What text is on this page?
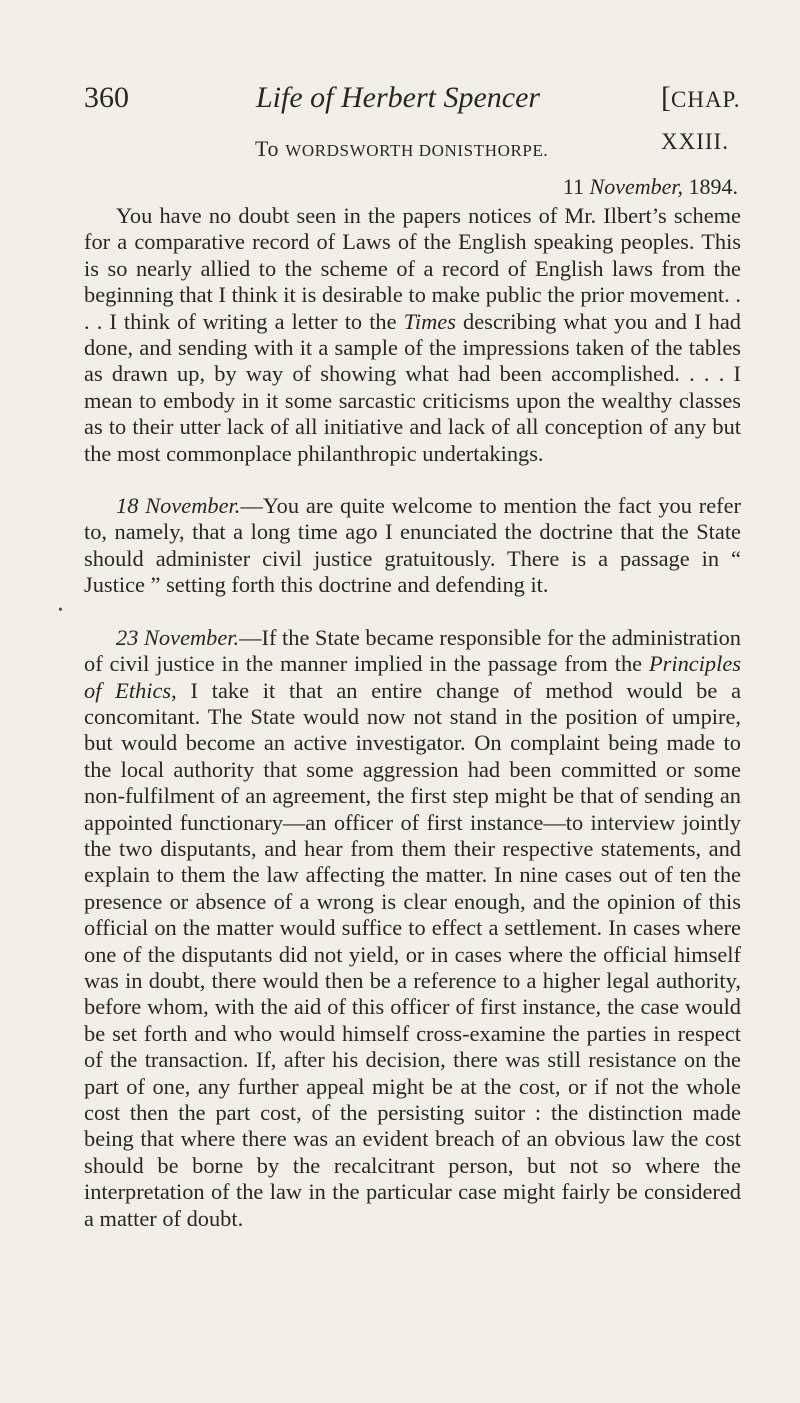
360	Life of Herbert Spencer	[CHAP. XXIII.
To WORDSWORTH DONISTHORPE.
11 November, 1894.

You have no doubt seen in the papers notices of Mr. Ilbert’s scheme for a comparative record of Laws of the English speaking peoples. This is so nearly allied to the scheme of a record of English laws from the beginning that I think it is desirable to make public the prior movement. . . . I think of writing a letter to the Times describing what you and I had done, and sending with it a sample of the impressions taken of the tables as drawn up, by way of showing what had been accomplished. . . . I mean to embody in it some sarcastic criticisms upon the wealthy classes as to their utter lack of all initiative and lack of all conception of any but the most commonplace philanthropic undertakings.

18 November.—You are quite welcome to mention the fact you refer to, namely, that a long time ago I enunciated the doctrine that the State should administer civil justice gratuitously. There is a passage in “ Justice ” setting forth this doctrine and defending it.

23 November.—If the State became responsible for the administration of civil justice in the manner implied in the passage from the Principles of Ethics, I take it that an entire change of method would be a concomitant. The State would now not stand in the position of umpire, but would become an active investigator. On complaint being made to the local authority that some aggression had been committed or some non-fulfilment of an agreement, the first step might be that of sending an appointed functionary—an officer of first instance—to interview jointly the two disputants, and hear from them their respective statements, and explain to them the law affecting the matter. In nine cases out of ten the presence or absence of a wrong is clear enough, and the opinion of this official on the matter would suffice to effect a settlement. In cases where one of the disputants did not yield, or in cases where the official himself was in doubt, there would then be a reference to a higher legal authority, before whom, with the aid of this officer of first instance, the case would be set forth and who would himself cross-examine the parties in respect of the transaction. If, after his decision, there was still resistance on the part of one, any further appeal might be at the cost, or if not the whole cost then the part cost, of the persisting suitor : the distinction made being that where there was an evident breach of an obvious law the cost should be borne by the recalcitrant person, but not so where the interpretation of the law in the particular case might fairly be considered a matter of doubt.

•
